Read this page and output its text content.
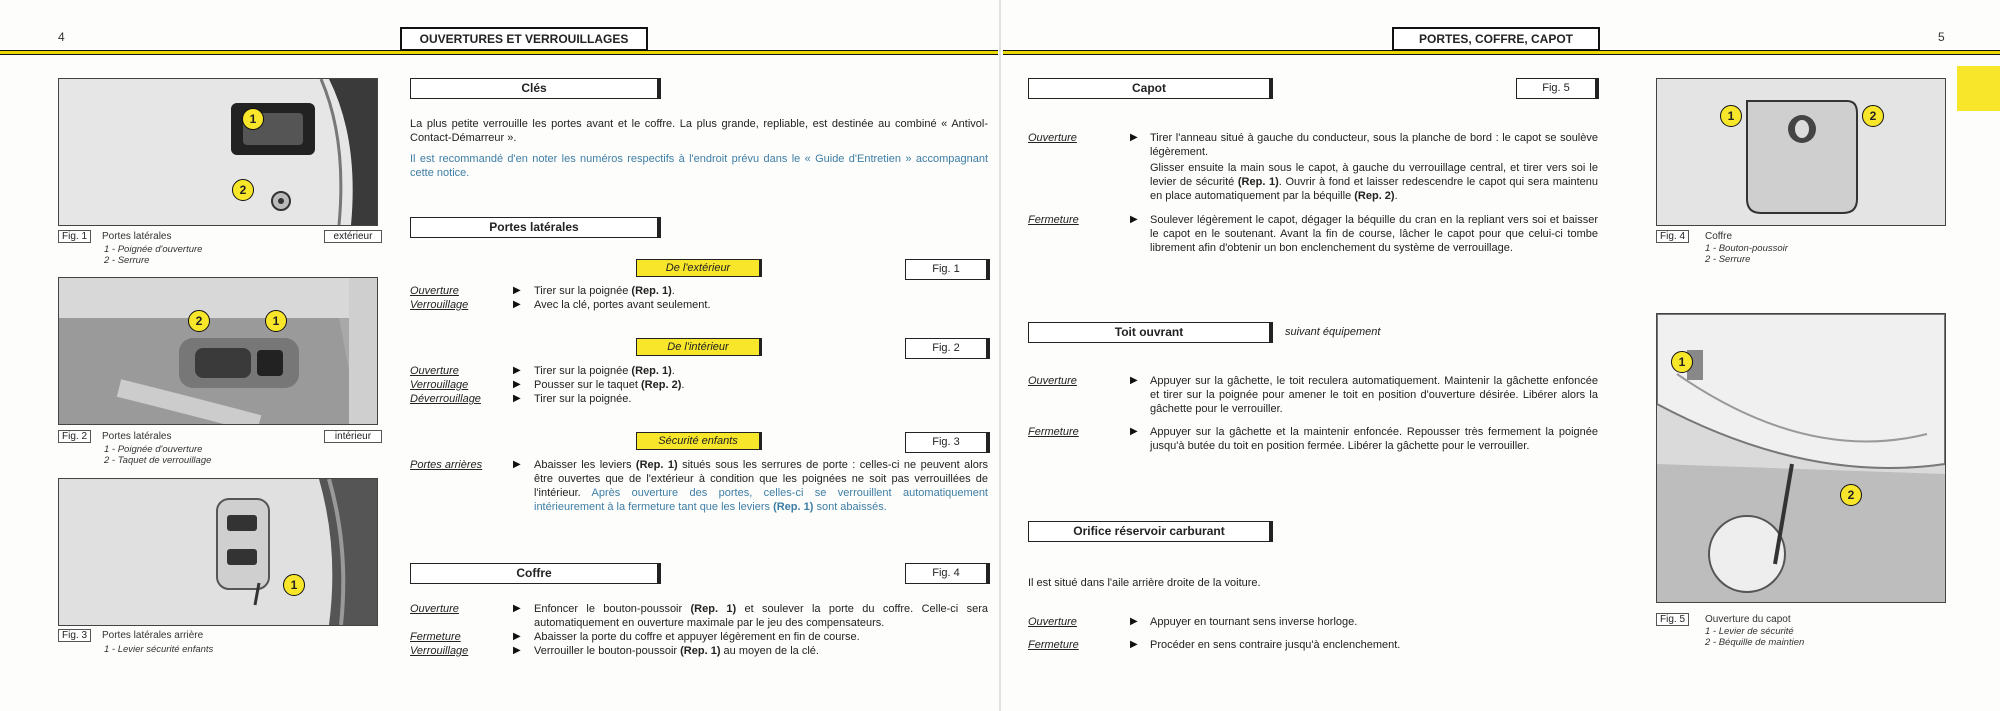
4	OUVERTURES ET VERROUILLAGES	5
PORTES, COFFRE, CAPOT
1
2
Fig. 1	Portes latérales	extérieur
1 - Poignée d'ouverture
2 - Serrure
2	1
Fig. 2	Portes latérales	intérieur
1 - Poignée d'ouverture
2 - Taquet de verrouillage
1
Fig. 3	Portes latérales arrière
1 - Levier sécurité enfants
Clés
La plus petite verrouille les portes avant et le coffre. La plus grande, repliable, est destinée au combiné « Antivol-Contact-Démarreur ».
Il est recommandé d'en noter les numéros respectifs à l'endroit prévu dans le « Guide d'Entretien » accompagnant cette notice.
Portes latérales
De l'extérieur	Fig. 1
Ouverture	▶ Tirer sur la poignée (Rep. 1).
Verrouillage	▶ Avec la clé, portes avant seulement.
De l'intérieur	Fig. 2
Ouverture	▶ Tirer sur la poignée (Rep. 1).
Verrouillage	▶ Pousser sur le taquet (Rep. 2).
Déverrouillage	▶ Tirer sur la poignée.
Sécurité enfants	Fig. 3
Portes arrières	▶ Abaisser les leviers (Rep. 1) situés sous les serrures de porte : celles-ci ne peuvent alors être ouvertes que de l'extérieur à condition que les poignées ne soit pas verrouillées de l'intérieur. Après ouverture des portes, celles-ci se verrouillent automatiquement intérieurement à la fermeture tant que les leviers (Rep. 1) sont abaissés.
Coffre	Fig. 4
Ouverture	▶ Enfoncer le bouton-poussoir (Rep. 1) et soulever la porte du coffre. Celle-ci sera automatiquement en ouverture maximale par le jeu des compensateurs.
Fermeture	▶ Abaisser la porte du coffre et appuyer légèrement en fin de course.
Verrouillage	▶ Verrouiller le bouton-poussoir (Rep. 1) au moyen de la clé.
Capot	Fig. 5
Ouverture	▶ Tirer l'anneau situé à gauche du conducteur, sous la planche de bord : le capot se soulève légèrement.
Glisser ensuite la main sous le capot, à gauche du verrouillage central, et tirer vers soi le levier de sécurité (Rep. 1). Ouvrir à fond et laisser redescendre le capot qui sera maintenu en place automatiquement par la béquille (Rep. 2).
Fermeture	▶ Soulever légèrement le capot, dégager la béquille du cran en la repliant vers soi et baisser le capot en le soutenant. Avant la fin de course, lâcher le capot pour que celui-ci tombe librement afin d'obtenir un bon enclenchement du système de verrouillage.
Toit ouvrant	suivant équipement
Ouverture	▶ Appuyer sur la gâchette, le toit reculera automatiquement. Maintenir la gâchette enfoncée et tirer sur la poignée pour amener le toit en position d'ouverture désirée. Libérer alors la gâchette pour le verrouiller.
Fermeture	▶ Appuyer sur la gâchette et la maintenir enfoncée. Repousser très fermement la poignée jusqu'à butée du toit en position fermée. Libérer la gâchette pour le verrouiller.
Orifice réservoir carburant
Il est situé dans l'aile arrière droite de la voiture.
Ouverture	▶ Appuyer en tournant sens inverse horloge.
Fermeture	▶ Procéder en sens contraire jusqu'à enclenchement.
1	2
Fig. 4	Coffre
1 - Bouton-poussoir
2 - Serrure
1
2
Fig. 5	Ouverture du capot
1 - Levier de sécurité
2 - Béquille de maintien
